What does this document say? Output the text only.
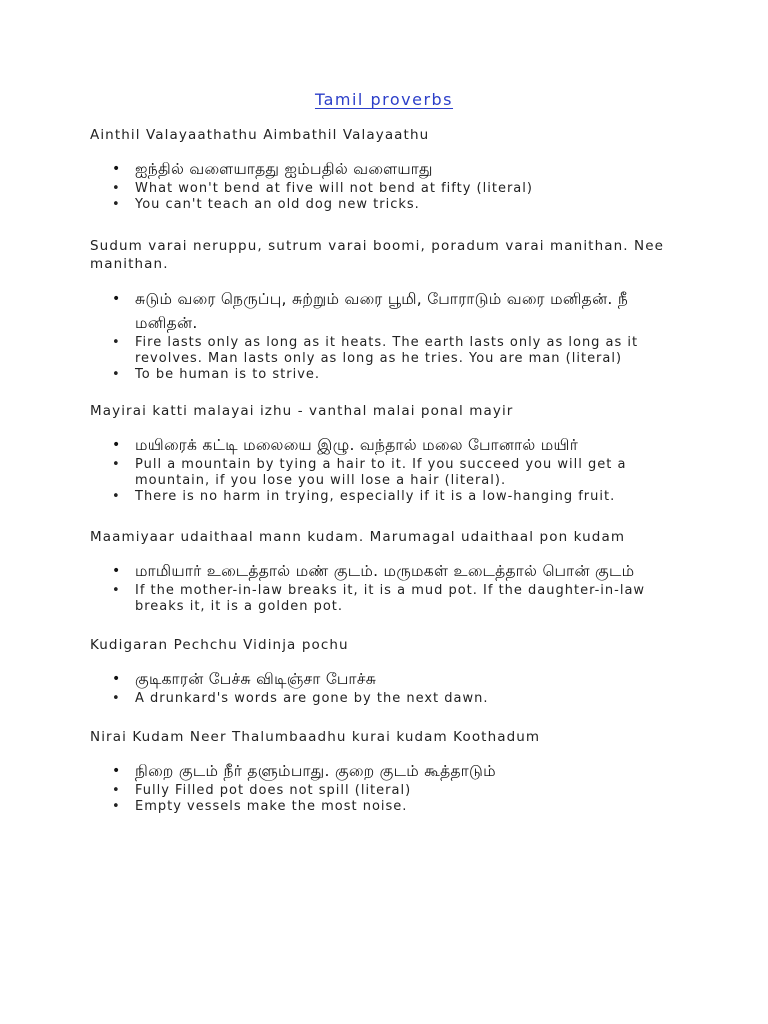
Tamil proverbs
Ainthil Valayaathathu Aimbathil Valayaathu
• ஐந்தில் வளையாதது ஐம்பதில் வளையாது
• What won't bend at five will not bend at fifty (literal)
• You can't teach an old dog new tricks.
Sudum varai neruppu, sutrum varai boomi, poradum varai manithan. Nee manithan.
• சுடும் வரை நெருப்பு, சுற்றும் வரை பூமி, போராடும் வரை மனிதன். நீ மனிதன்.
• Fire lasts only as long as it heats. The earth lasts only as long as it revolves. Man lasts only as long as he tries. You are man (literal)
• To be human is to strive.
Mayirai katti malayai izhu - vanthal malai ponal mayir
• மயிரைக் கட்டி மலையை இழு. வந்தால் மலை போனால் மயிர்
• Pull a mountain by tying a hair to it. If you succeed you will get a mountain, if you lose you will lose a hair (literal).
• There is no harm in trying, especially if it is a low-hanging fruit.
Maamiyaar udaithaal mann kudam. Marumagal udaithaal pon kudam
• மாமியார் உடைத்தால் மண் குடம். மருமகள் உடைத்தால் பொன் குடம்
• If the mother-in-law breaks it, it is a mud pot. If the daughter-in-law breaks it, it is a golden pot.
Kudigaran Pechchu Vidinja pochu
• குடிகாரன் பேச்சு விடிஞ்சா போச்சு
• A drunkard's words are gone by the next dawn.
Nirai Kudam Neer Thalumbaadhu kurai kudam Koothadum
• நிறை குடம் நீர் தளும்பாது. குறை குடம் கூத்தாடும்
• Fully Filled pot does not spill (literal)
• Empty vessels make the most noise.
